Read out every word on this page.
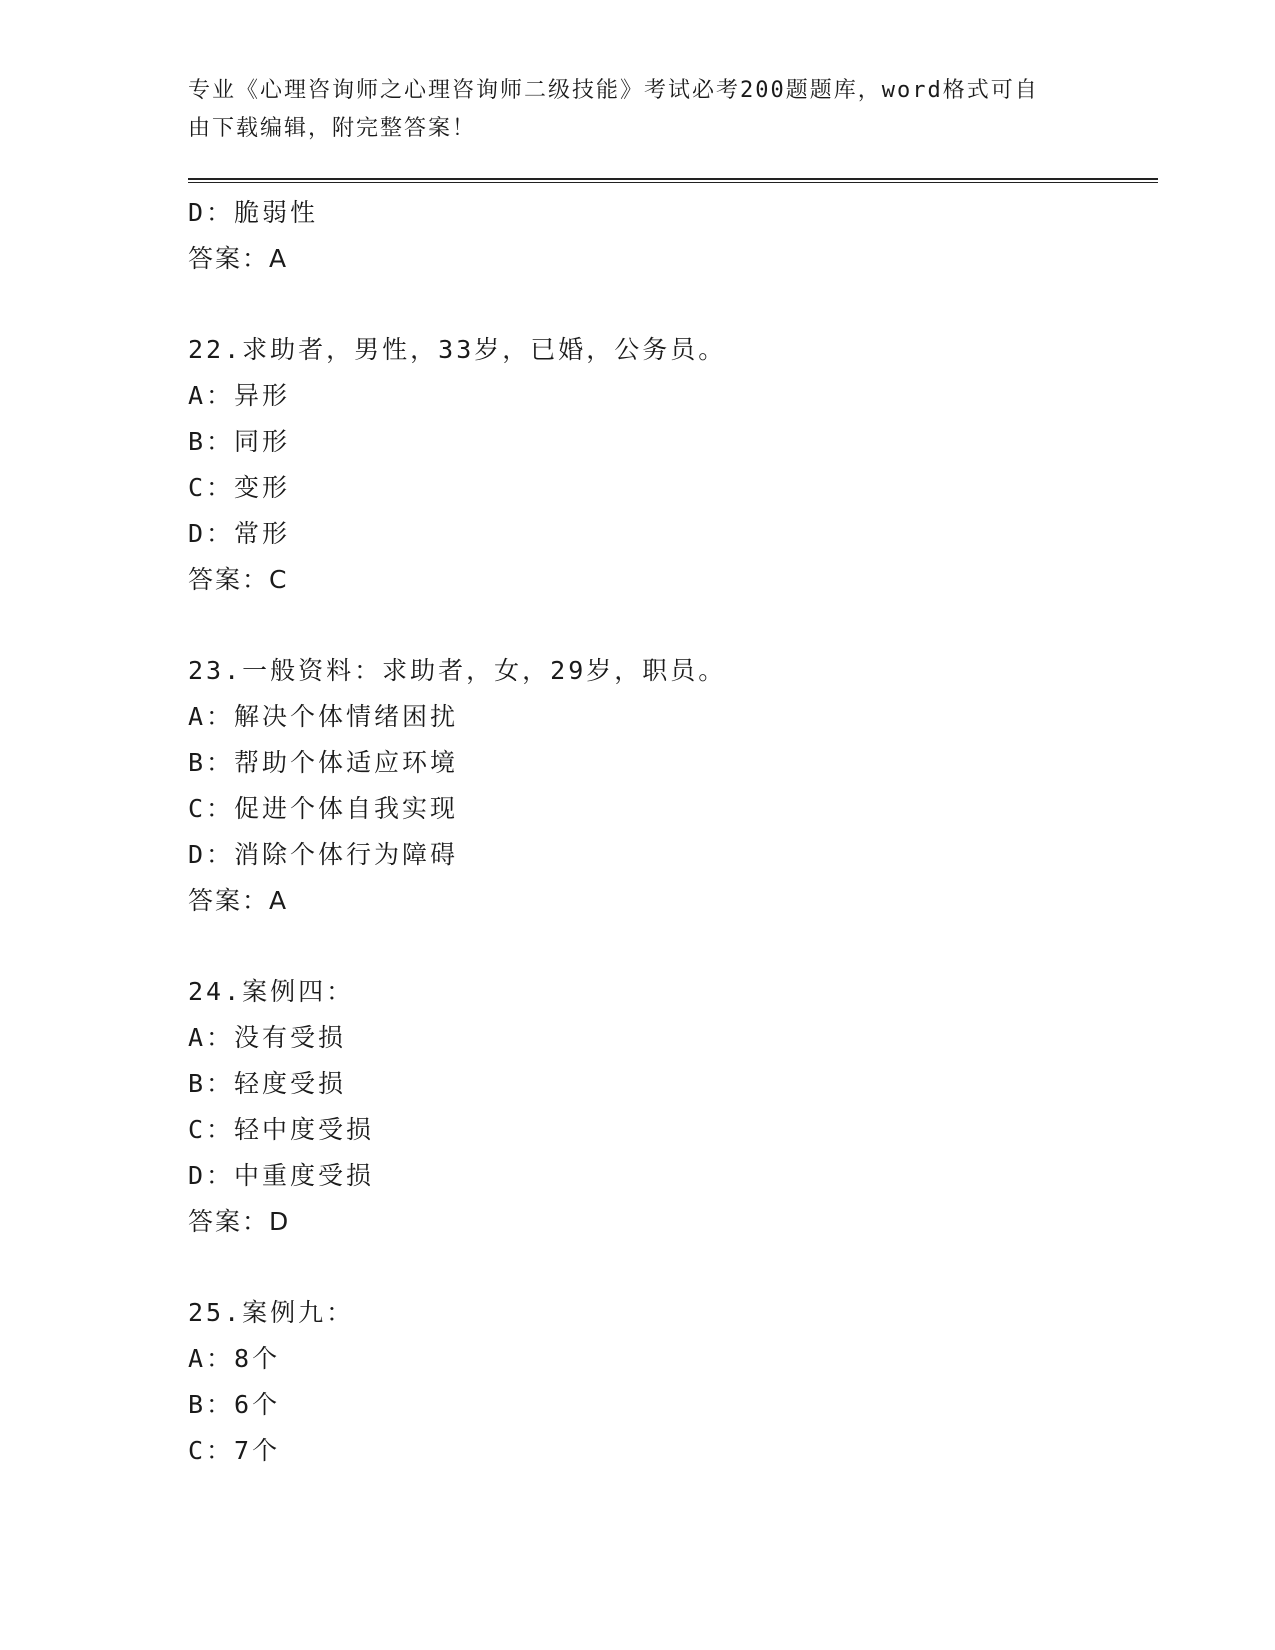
专业《心理咨询师之心理咨询师二级技能》考试必考200题题库，word格式可自
由下载编辑，附完整答案！
D：脆弱性
答案：A
22.求助者，男性，33岁，已婚，公务员。
A：异形
B：同形
C：变形
D：常形
答案：C
23.一般资料：求助者，女，29岁，职员。
A：解决个体情绪困扰
B：帮助个体适应环境
C：促进个体自我实现
D：消除个体行为障碍
答案：A
24.案例四：
A：没有受损
B：轻度受损
C：轻中度受损
D：中重度受损
答案：D
25.案例九：
A：8个
B：6个
C：7个
